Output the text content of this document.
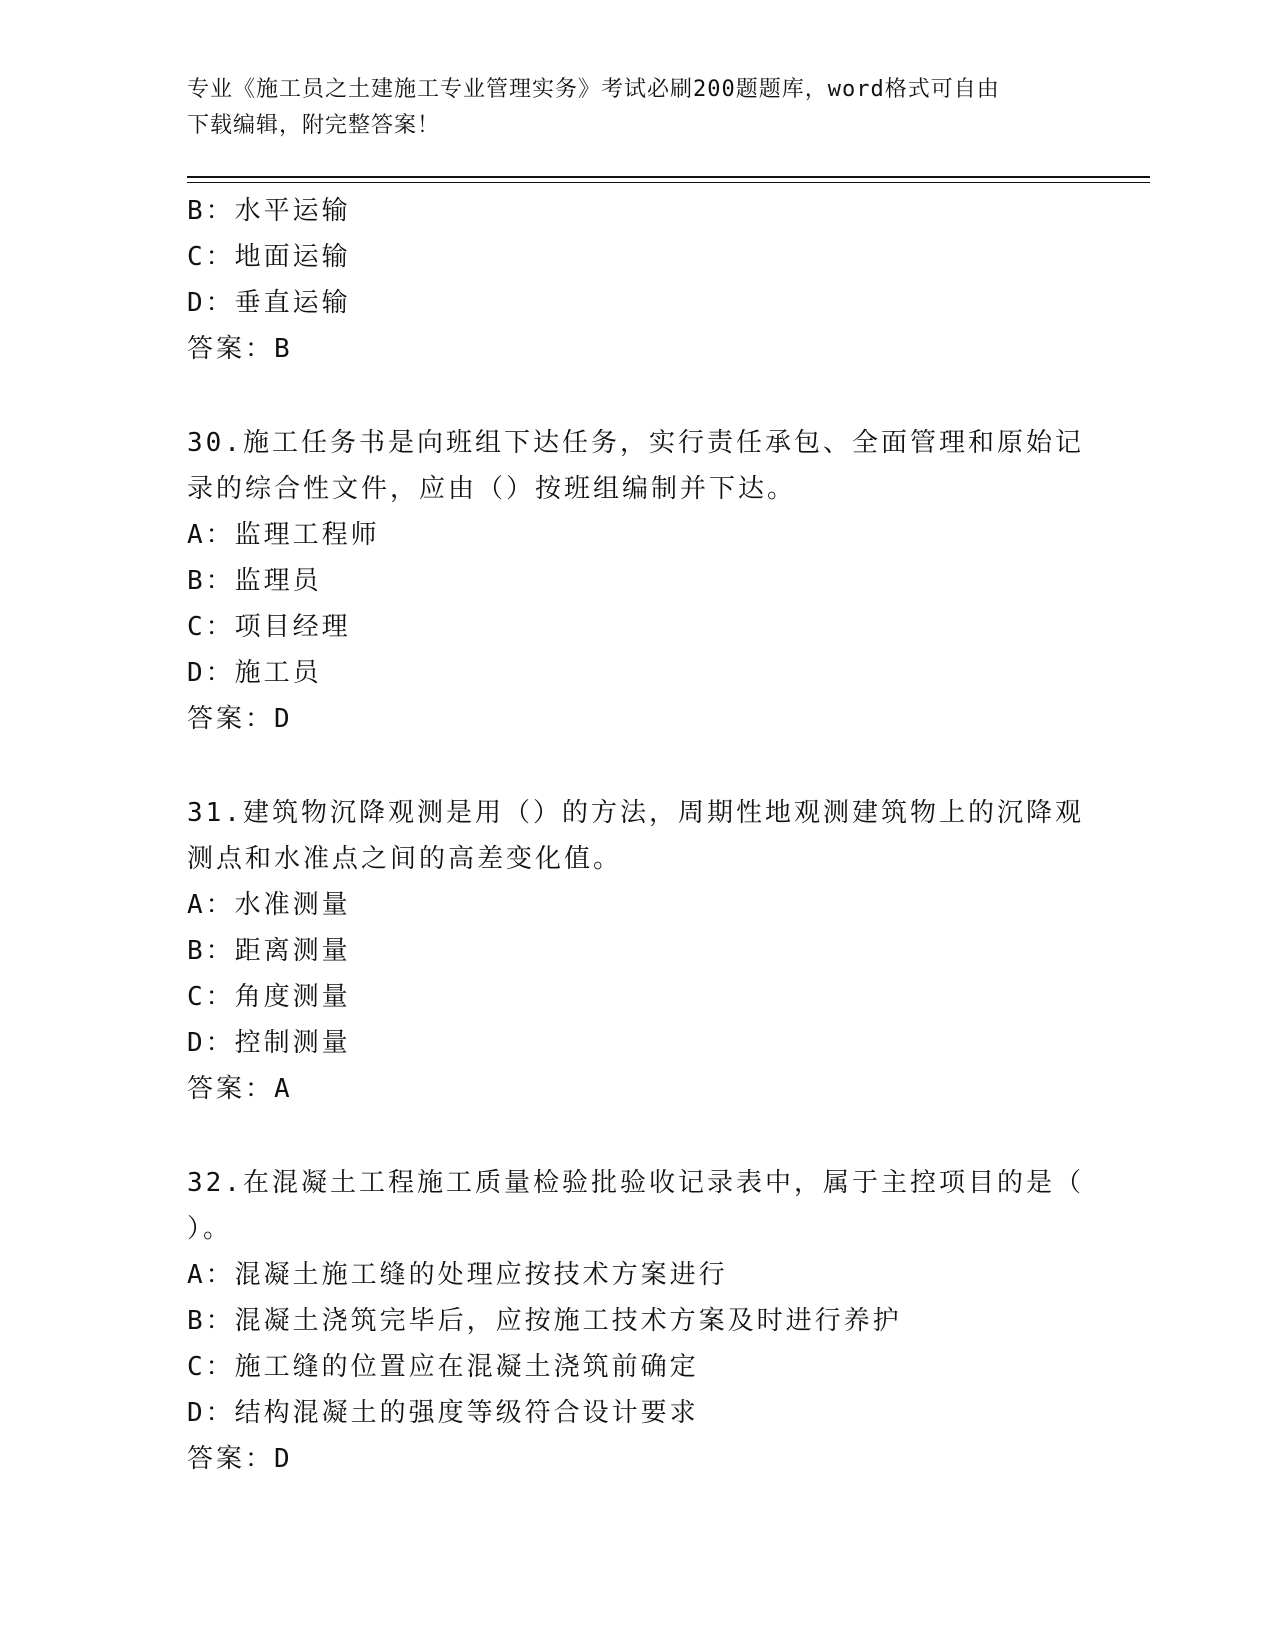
专业《施工员之土建施工专业管理实务》考试必刷200题题库，word格式可自由
下载编辑，附完整答案！
B：水平运输
C：地面运输
D：垂直运输
答案：B
30.施工任务书是向班组下达任务，实行责任承包、全面管理和原始记
录的综合性文件，应由（）按班组编制并下达。
A：监理工程师
B：监理员
C：项目经理
D：施工员
答案：D
31.建筑物沉降观测是用（）的方法，周期性地观测建筑物上的沉降观
测点和水准点之间的高差变化值。
A：水准测量
B：距离测量
C：角度测量
D：控制测量
答案：A
32.在混凝土工程施工质量检验批验收记录表中，属于主控项目的是（
）。
A：混凝土施工缝的处理应按技术方案进行
B：混凝土浇筑完毕后，应按施工技术方案及时进行养护
C：施工缝的位置应在混凝土浇筑前确定
D：结构混凝土的强度等级符合设计要求
答案：D
